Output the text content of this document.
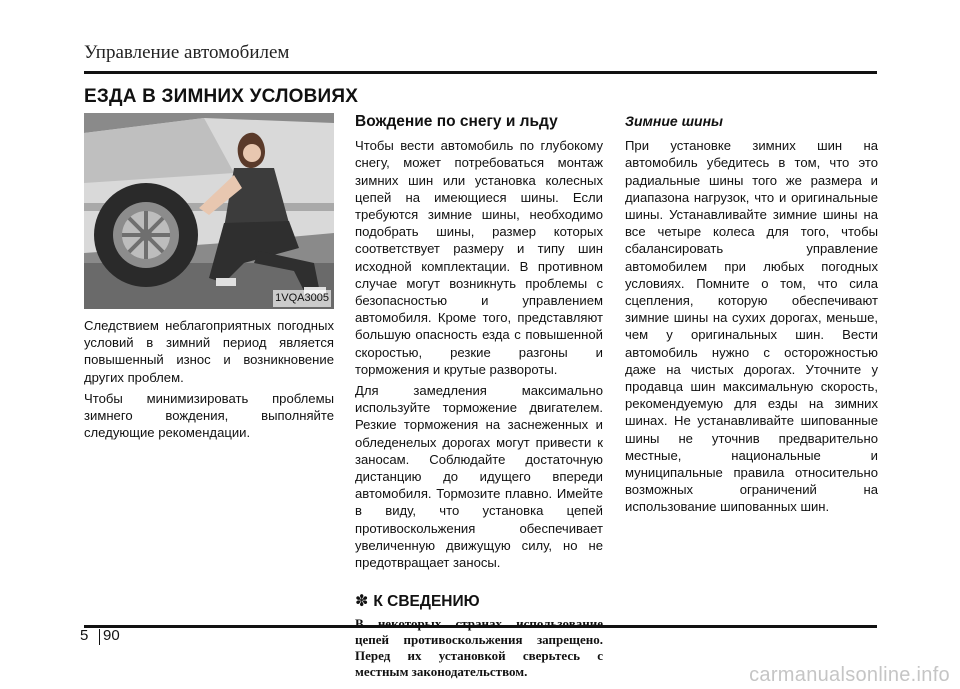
Управление автомобилем
ЕЗДА В ЗИМНИХ УСЛОВИЯХ
1VQA3005

Следствием неблагоприятных погодных условий в зимний период является повышенный износ и возникновение других проблем.

Чтобы минимизировать проблемы зимнего вождения, выполняйте следующие рекомендации.

Вождение по снегу и льду

Чтобы вести автомобиль по глубокому снегу, может потребоваться монтаж зимних шин или установка колесных цепей на имеющиеся шины. Если требуются зимние шины, необходимо подобрать шины, размер которых соответствует размеру и типу шин исходной комплектации. В противном случае могут возникнуть проблемы с безопасностью и управлением автомобиля. Кроме того, представляют большую опасность езда с повышенной скоростью, резкие разгоны и торможения и крутые развороты.

Для замедления максимально используйте торможение двигателем. Резкие торможения на заснеженных и обледенелых дорогах могут привести к заносам. Соблюдайте достаточную дистанцию до идущего впереди автомобиля. Тормозите плавно. Имейте в виду, что установка цепей противоскольжения обеспечивает увеличенную движущую силу, но не предотвращает заносы.

✽ К СВЕДЕНИЮ
В некоторых странах использование цепей противоскольжения запрещено. Перед их установкой сверьтесь с местным законодательством.
Зимние шины

При установке зимних шин на автомобиль убедитесь в том, что это радиальные шины того же размера и диапазона нагрузок, что и оригинальные шины. Устанавливайте зимние шины на все четыре колеса для того, чтобы сбалансировать управление автомобилем при любых погодных условиях. Помните о том, что сила сцепления, которую обеспечивают зимние шины на сухих дорогах, меньше, чем у оригинальных шин. Вести автомобиль нужно с осторожностью даже на чистых дорогах. Уточните у продавца шин максимальную скорость, рекомендуемую для езды на зимних шинах. Не устанавливайте шипованные шины не уточнив предварительно местные, национальные и муниципальные правила относительно возможных ограничений на использование шипованных шин.

5 90
carmanualsonline.info
